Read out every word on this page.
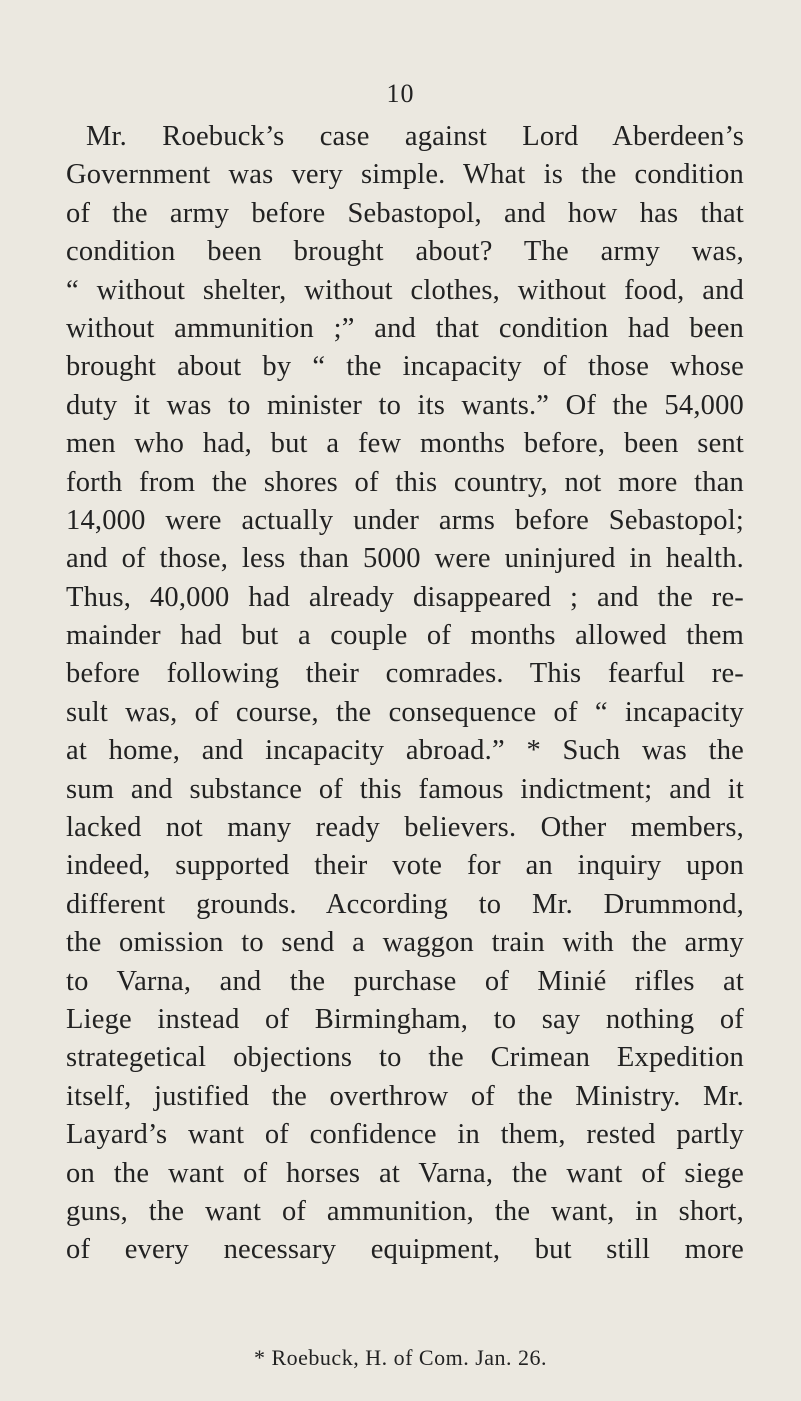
10
Mr. Roebuck’s case against Lord Aberdeen’s
Government was very simple. What is the condition
of the army before Sebastopol, and how has that
condition been brought about? The army was,
“ without shelter, without clothes, without food, and
without ammunition ;” and that condition had been
brought about by “ the incapacity of those whose
duty it was to minister to its wants.” Of the 54,000
men who had, but a few months before, been sent
forth from the shores of this country, not more than
14,000 were actually under arms before Sebastopol;
and of those, less than 5000 were uninjured in health.
Thus, 40,000 had already disappeared ; and the re-
mainder had but a couple of months allowed them
before following their comrades. This fearful re-
sult was, of course, the consequence of “ incapacity
at home, and incapacity abroad.” * Such was the
sum and substance of this famous indictment; and it
lacked not many ready believers. Other members,
indeed, supported their vote for an inquiry upon
different grounds. According to Mr. Drummond,
the omission to send a waggon train with the army
to Varna, and the purchase of Minié rifles at
Liege instead of Birmingham, to say nothing of
strategetical objections to the Crimean Expedition
itself, justified the overthrow of the Ministry. Mr.
Layard’s want of confidence in them, rested partly
on the want of horses at Varna, the want of siege
guns, the want of ammunition, the want, in short,
of every necessary equipment, but still more
* Roebuck, H. of Com. Jan. 26.
